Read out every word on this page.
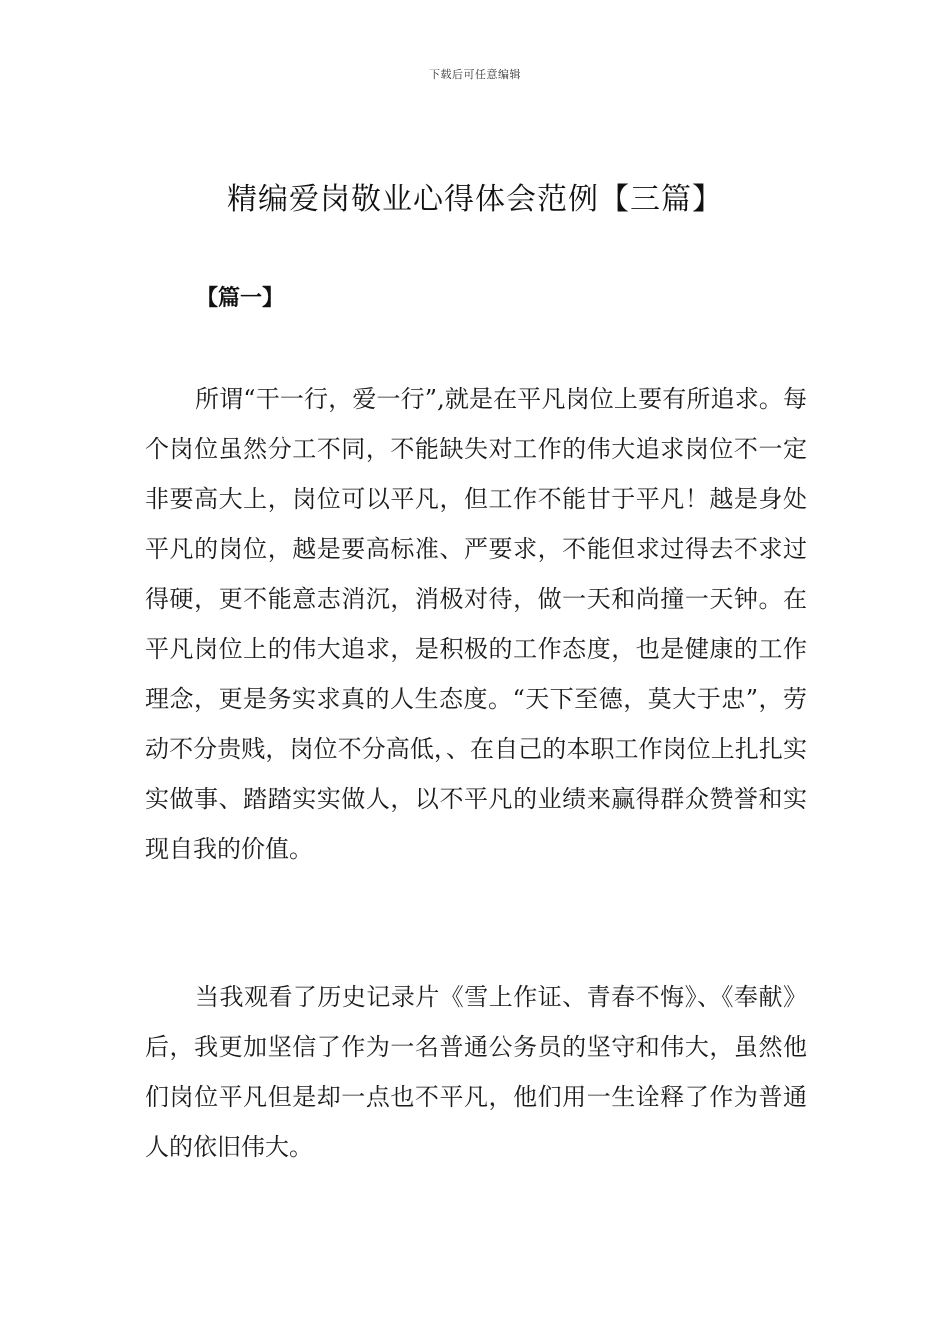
下载后可任意编辑
精编爱岗敬业心得体会范例【三篇】
【篇一】

所谓“干一行，爱一行”,就是在平凡岗位上要有所追求。每个岗位虽然分工不同，不能缺失对工作的伟大追求岗位不一定非要高大上，岗位可以平凡，但工作不能甘于平凡！越是身处平凡的岗位，越是要高标准、严要求，不能但求过得去不求过得硬，更不能意志消沉，消极对待，做一天和尚撞一天钟。在平凡岗位上的伟大追求，是积极的工作态度，也是健康的工作理念，更是务实求真的人生态度。“天下至德，莫大于忠”，劳动不分贵贱，岗位不分高低，、在自己的本职工作岗位上扎扎实实做事、踏踏实实做人，以不平凡的业绩来赢得群众赞誉和实现自我的价值。

当我观看了历史记录片《雪上作证、青春不悔》、《奉献》后，我更加坚信了作为一名普通公务员的坚守和伟大，虽然他们岗位平凡但是却一点也不平凡，他们用一生诠释了作为普通人的依旧伟大。
